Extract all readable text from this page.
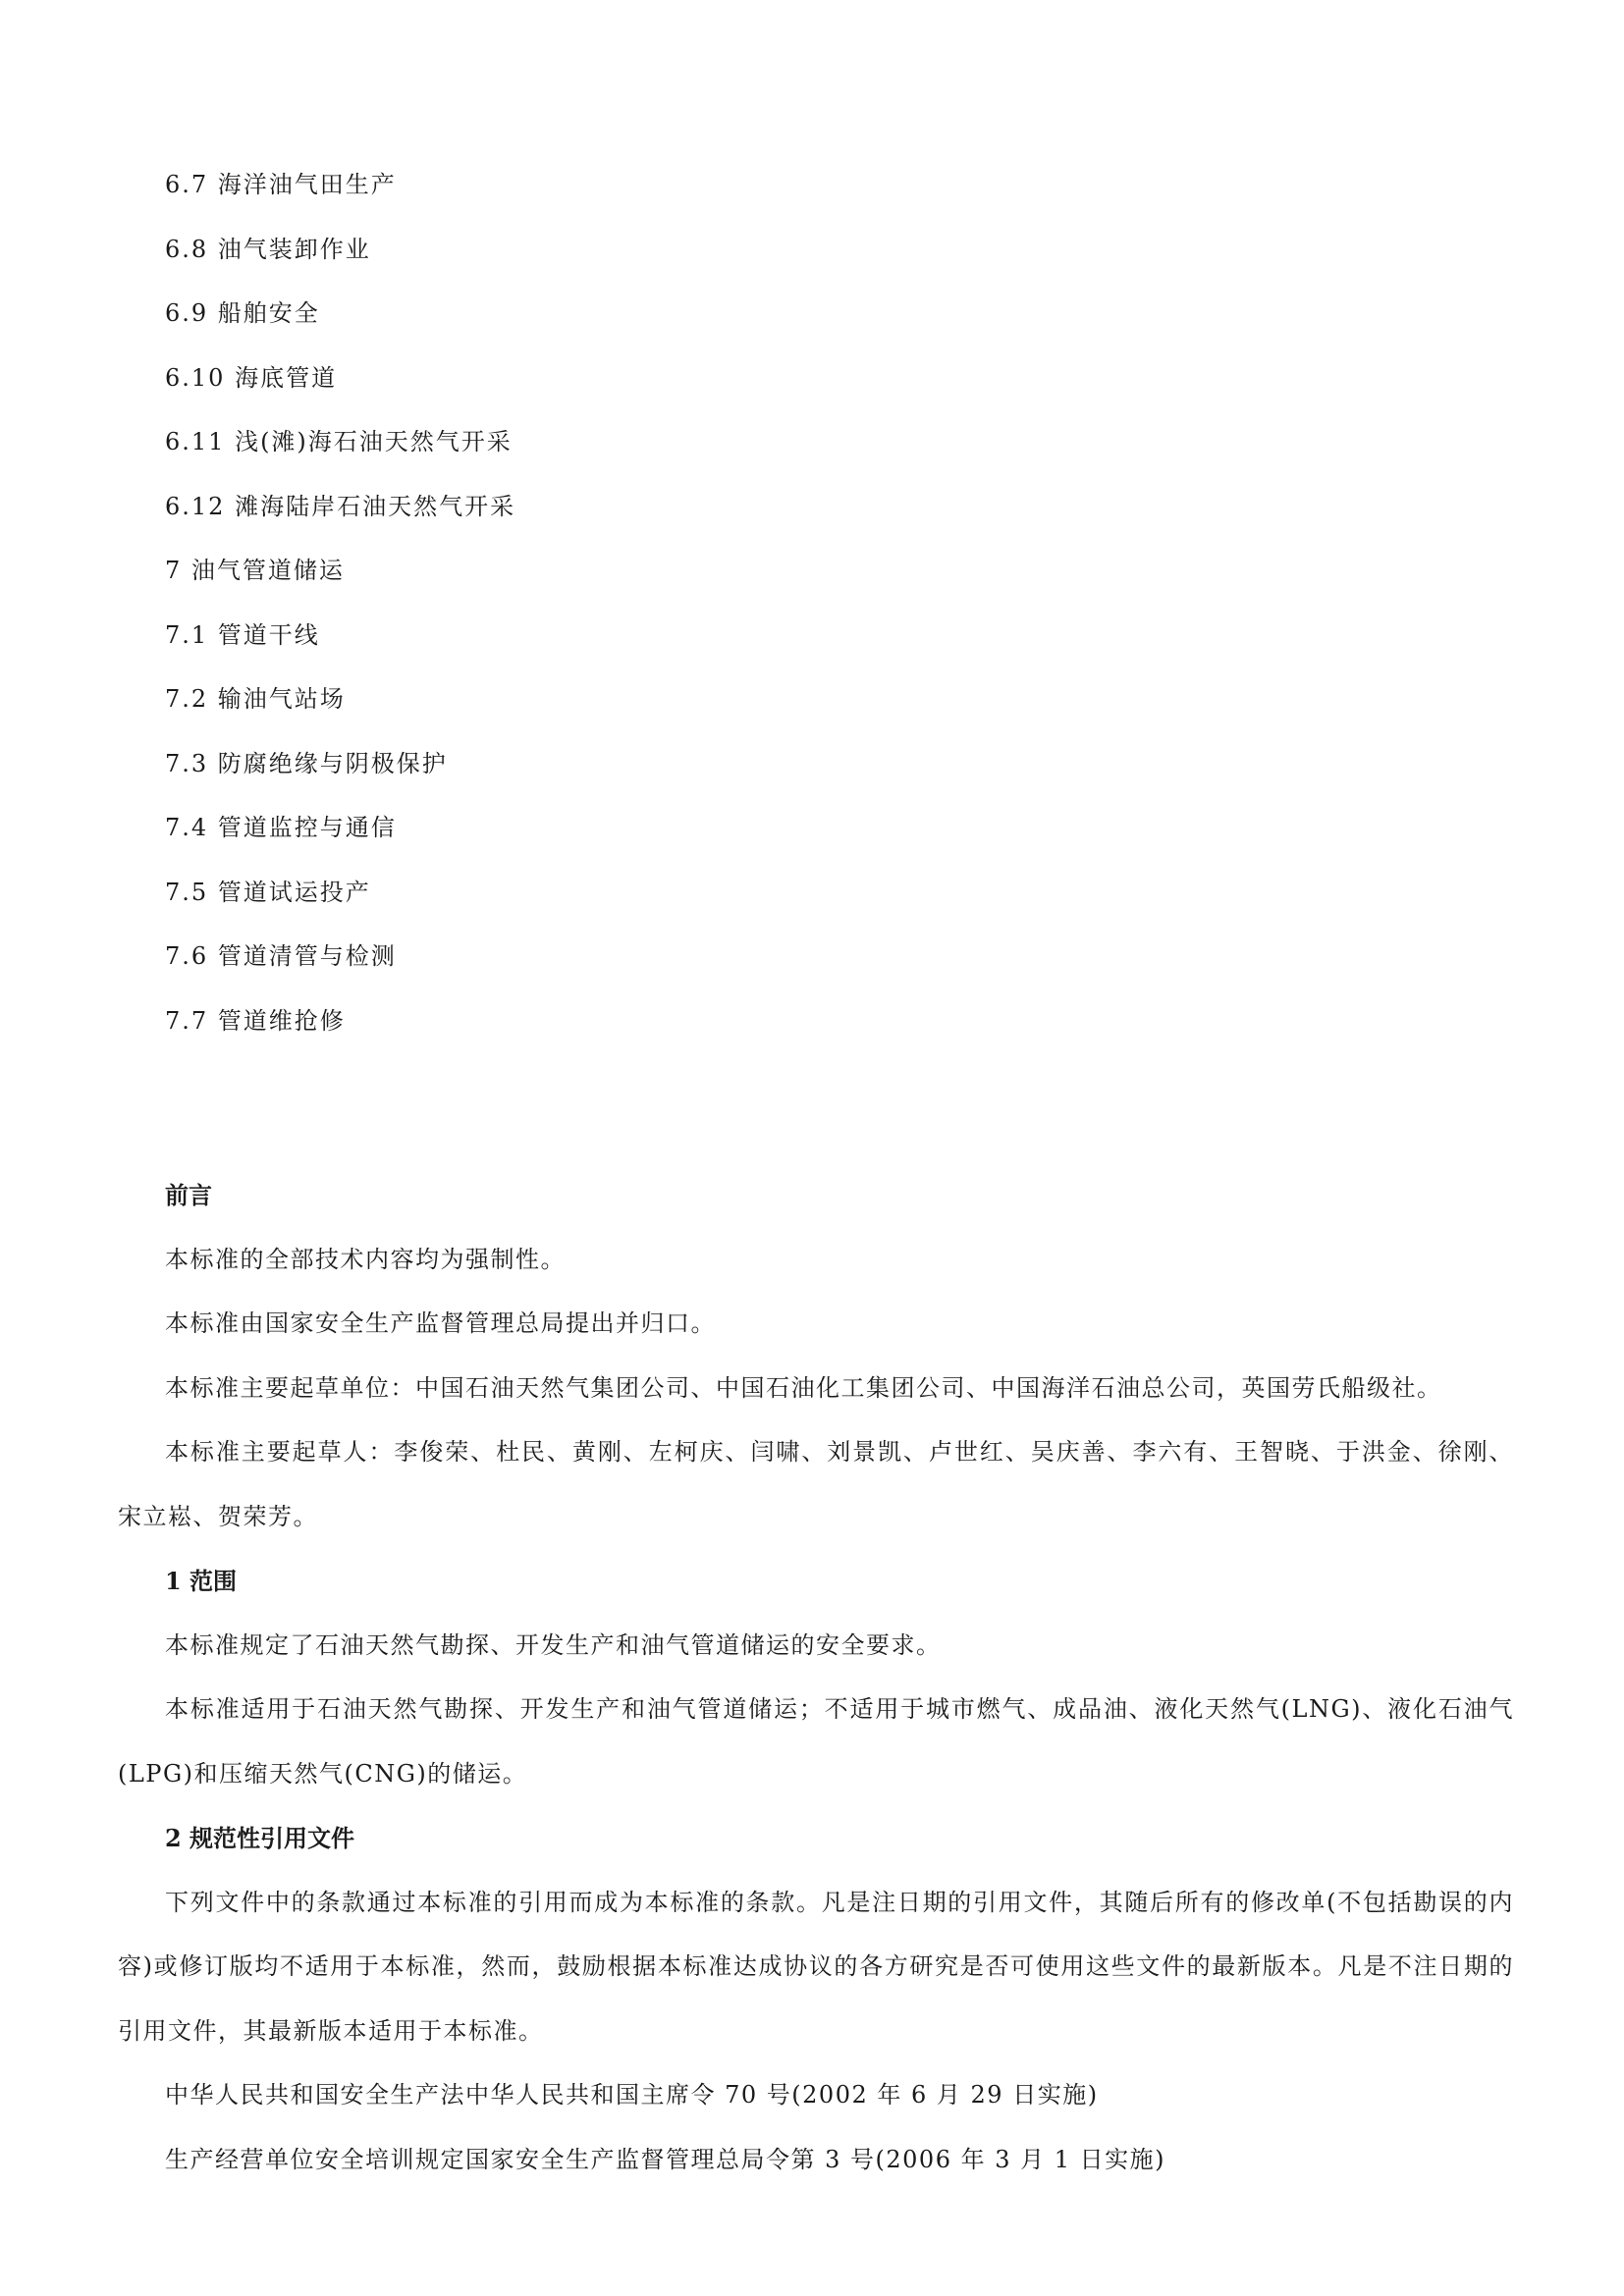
6.7 海洋油气田生产
6.8 油气装卸作业
6.9 船舶安全
6.10 海底管道
6.11 浅(滩)海石油天然气开采
6.12 滩海陆岸石油天然气开采
7 油气管道储运
7.1 管道干线
7.2 输油气站场
7.3 防腐绝缘与阴极保护
7.4 管道监控与通信
7.5 管道试运投产
7.6 管道清管与检测
7.7 管道维抢修
前言

本标准的全部技术内容均为强制性。

本标准由国家安全生产监督管理总局提出并归口。

本标准主要起草单位：中国石油天然气集团公司、中国石油化工集团公司、中国海洋石油总公司，英国劳氏船级社。

本标准主要起草人：李俊荣、杜民、黄刚、左柯庆、闫啸、刘景凯、卢世红、吴庆善、李六有、王智晓、于洪金、徐刚、宋立崧、贺荣芳。

1 范围

本标准规定了石油天然气勘探、开发生产和油气管道储运的安全要求。

本标准适用于石油天然气勘探、开发生产和油气管道储运；不适用于城市燃气、成品油、液化天然气(LNG)、液化石油气(LPG)和压缩天然气(CNG)的储运。

2 规范性引用文件

下列文件中的条款通过本标准的引用而成为本标准的条款。凡是注日期的引用文件，其随后所有的修改单(不包括勘误的内容)或修订版均不适用于本标准，然而，鼓励根据本标准达成协议的各方研究是否可使用这些文件的最新版本。凡是不注日期的引用文件，其最新版本适用于本标准。

中华人民共和国安全生产法中华人民共和国主席令 70 号(2002 年 6 月 29 日实施)
生产经营单位安全培训规定国家安全生产监督管理总局令第 3 号(2006 年 3 月 1 日实施)
